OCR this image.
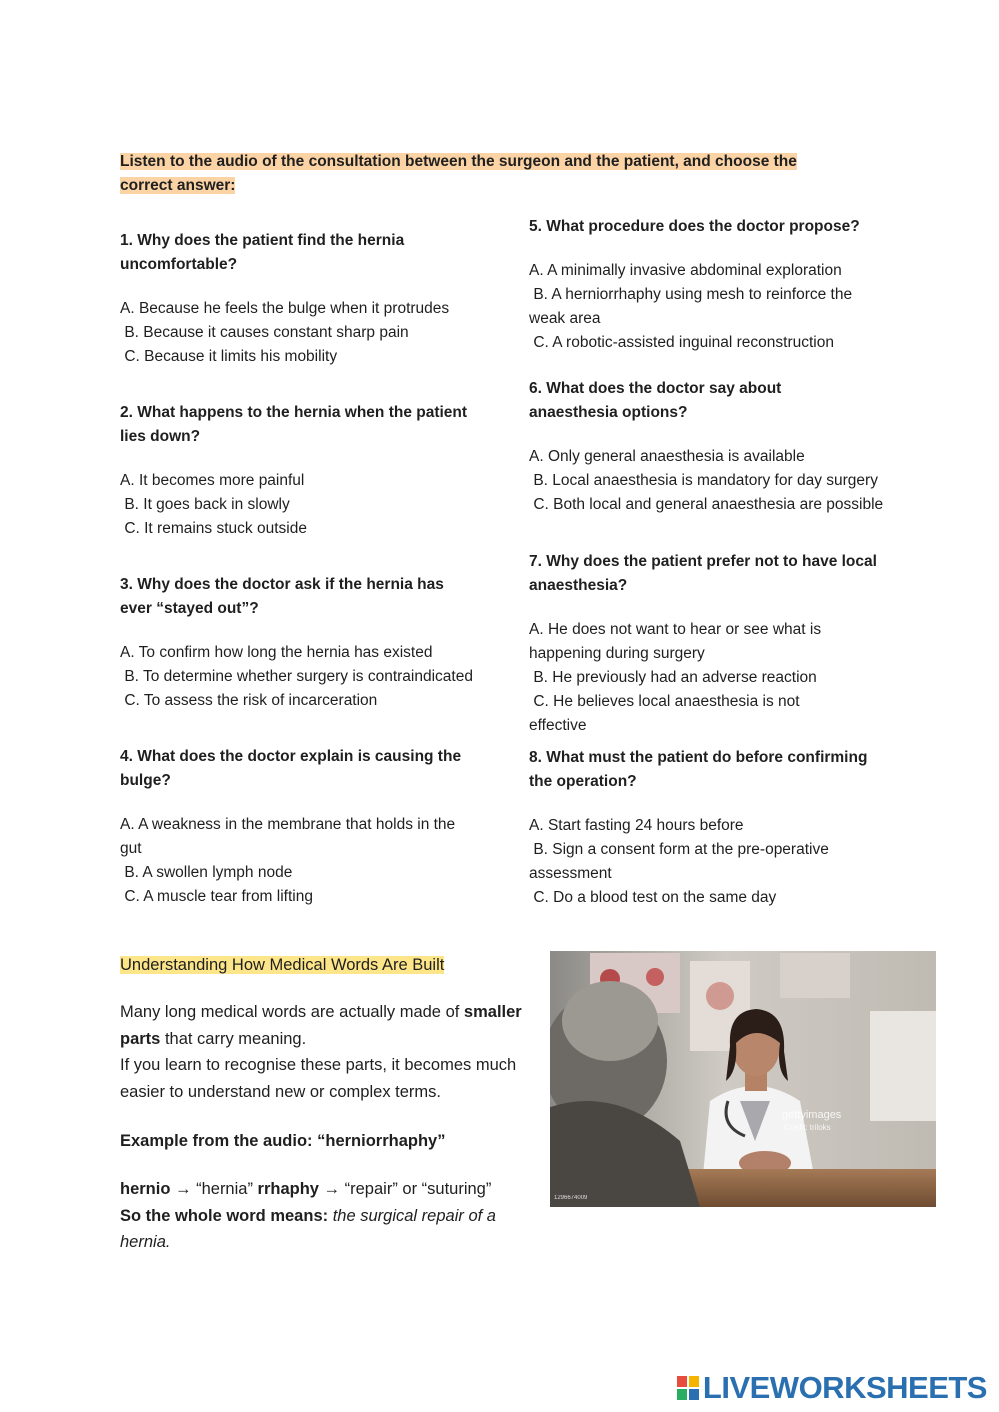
Listen to the audio of the consultation between the surgeon and the patient, and choose the correct answer:

1. Why does the patient find the hernia uncomfortable?

A. Because he feels the bulge when it protrudes
B. Because it causes constant sharp pain
C. Because it limits his mobility

2. What happens to the hernia when the patient lies down?

A. It becomes more painful
B. It goes back in slowly
C. It remains stuck outside

3. Why does the doctor ask if the hernia has ever “stayed out”?

A. To confirm how long the hernia has existed
B. To determine whether surgery is contraindicated
C. To assess the risk of incarceration

4. What does the doctor explain is causing the bulge?

A. A weakness in the membrane that holds in the gut
B. A swollen lymph node
C. A muscle tear from lifting

5. What procedure does the doctor propose?

A. A minimally invasive abdominal exploration
B. A herniorrhaphy using mesh to reinforce the weak area
C. A robotic-assisted inguinal reconstruction

6. What does the doctor say about anaesthesia options?

A. Only general anaesthesia is available
B. Local anaesthesia is mandatory for day surgery
C. Both local and general anaesthesia are possible

7. Why does the patient prefer not to have local anaesthesia?

A. He does not want to hear or see what is happening during surgery
B. He previously had an adverse reaction
C. He believes local anaesthesia is not effective

8. What must the patient do before confirming the operation?

A. Start fasting 24 hours before
B. Sign a consent form at the pre-operative assessment
C. Do a blood test on the same day
Understanding How Medical Words Are Built
Many long medical words are actually made of smaller parts that carry meaning.
If you learn to recognise these parts, it becomes much easier to understand new or complex terms.
Example from the audio: “herniorrhaphy”
hernio → “hernia” rrhaphy → “repair” or “suturing”
So the whole word means: the surgical repair of a hernia.
gettyimages
Credit: triloks
1296674009
LIVEWORKSHEETS
